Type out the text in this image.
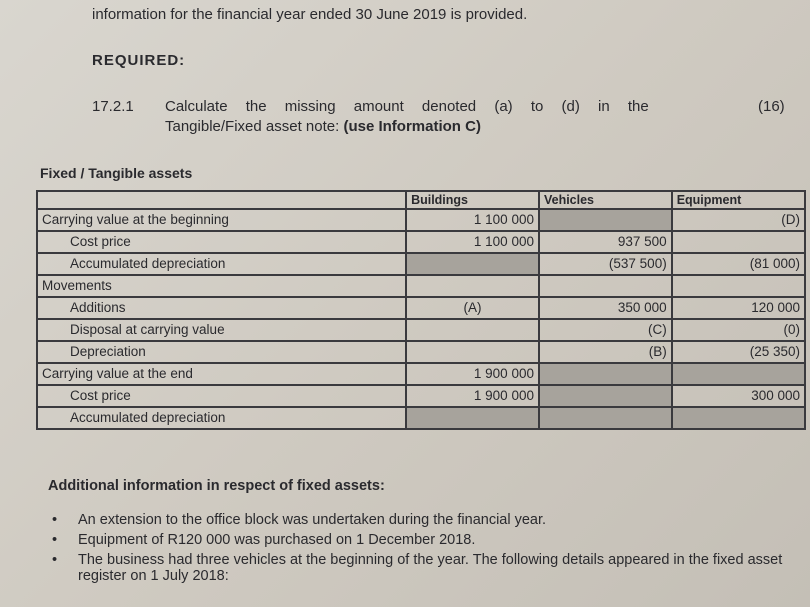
information for the financial year ended 30 June 2019 is provided.
REQUIRED:
17.2.1 Calculate the missing amount denoted (a) to (d) in the
Tangible/Fixed asset note: (use Information C)
(16)
Fixed / Tangible assets
	Buildings	Vehicles	Equipment
Carrying value at the beginning	1 100 000		(D)
Cost price	1 100 000	937 500	
Accumulated depreciation		(537 500)	(81 000)
Movements			
Additions	(A)	350 000	120 000
Disposal at carrying value		(C)	(0)
Depreciation		(B)	(25 350)
Carrying value at the end	1 900 000		
Cost price	1 900 000		300 000
Accumulated depreciation			
Additional information in respect of fixed assets:
•	An extension to the office block was undertaken during the financial year.
•	Equipment of R120 000 was purchased on 1 December 2018.
•	The business had three vehicles at the beginning of the year. The following details appeared in the fixed asset register on 1 July 2018:
